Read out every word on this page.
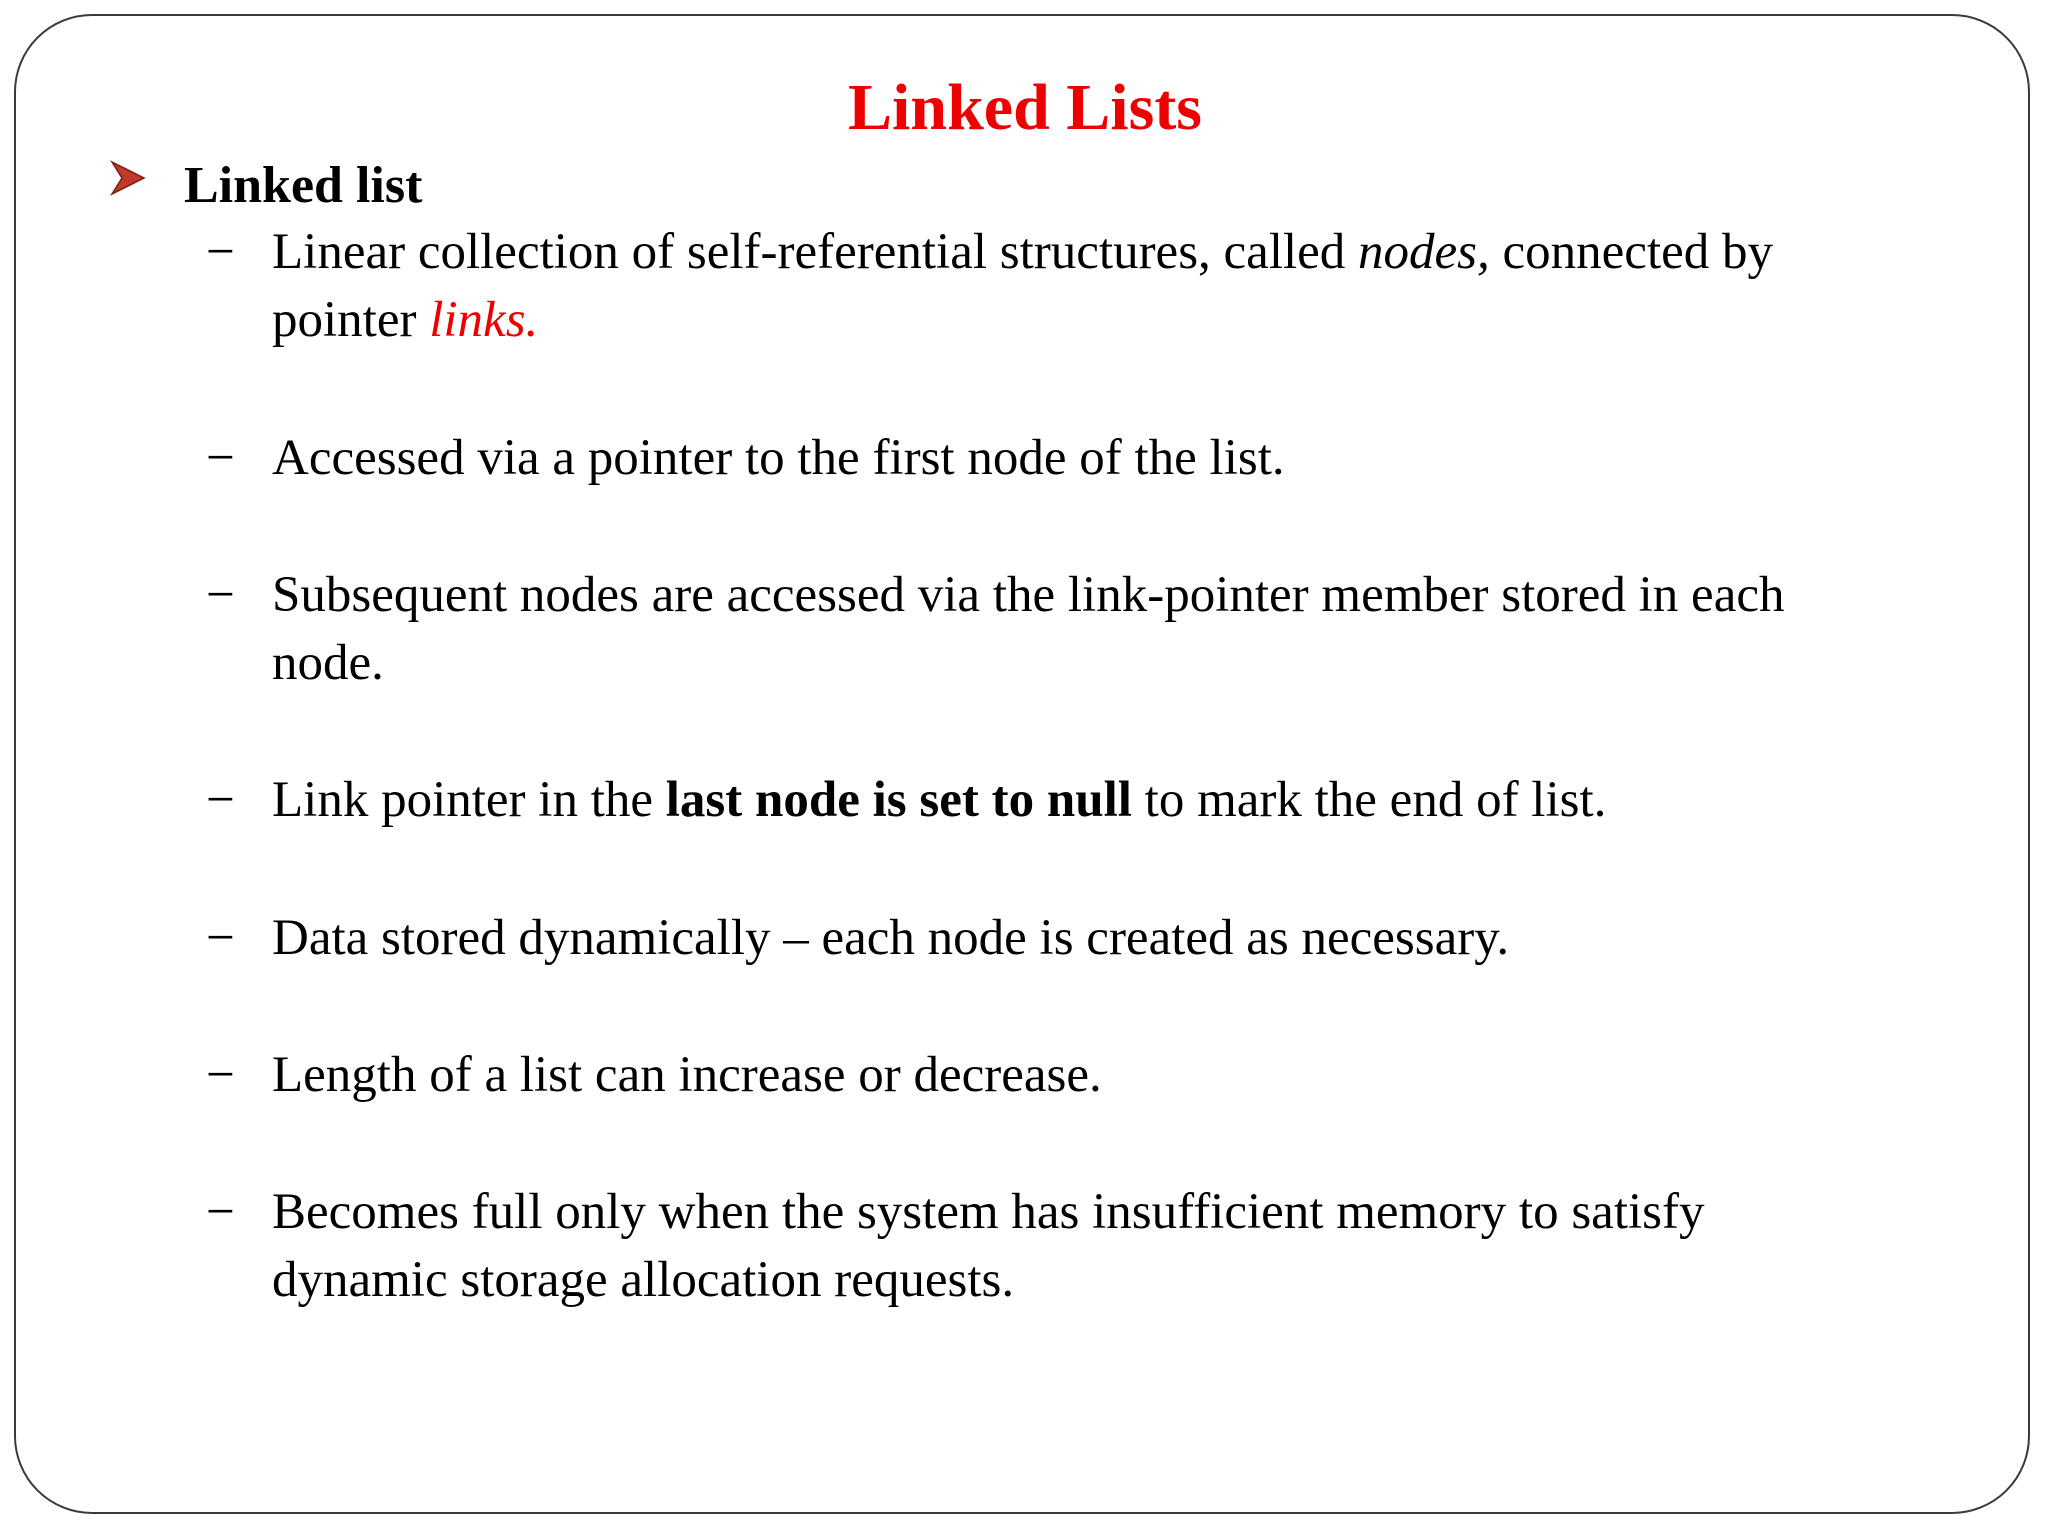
Linked Lists
Linked list
− Linear collection of self-referential structures, called nodes, connected by pointer links.
− Accessed via a pointer to the first node of the list.
− Subsequent nodes are accessed via the link-pointer member stored in each node.
− Link pointer in the last node is set to null to mark the end of list.
− Data stored dynamically – each node is created as necessary.
− Length of a list can increase or decrease.
− Becomes full only when the system has insufficient memory to satisfy dynamic storage allocation requests.
